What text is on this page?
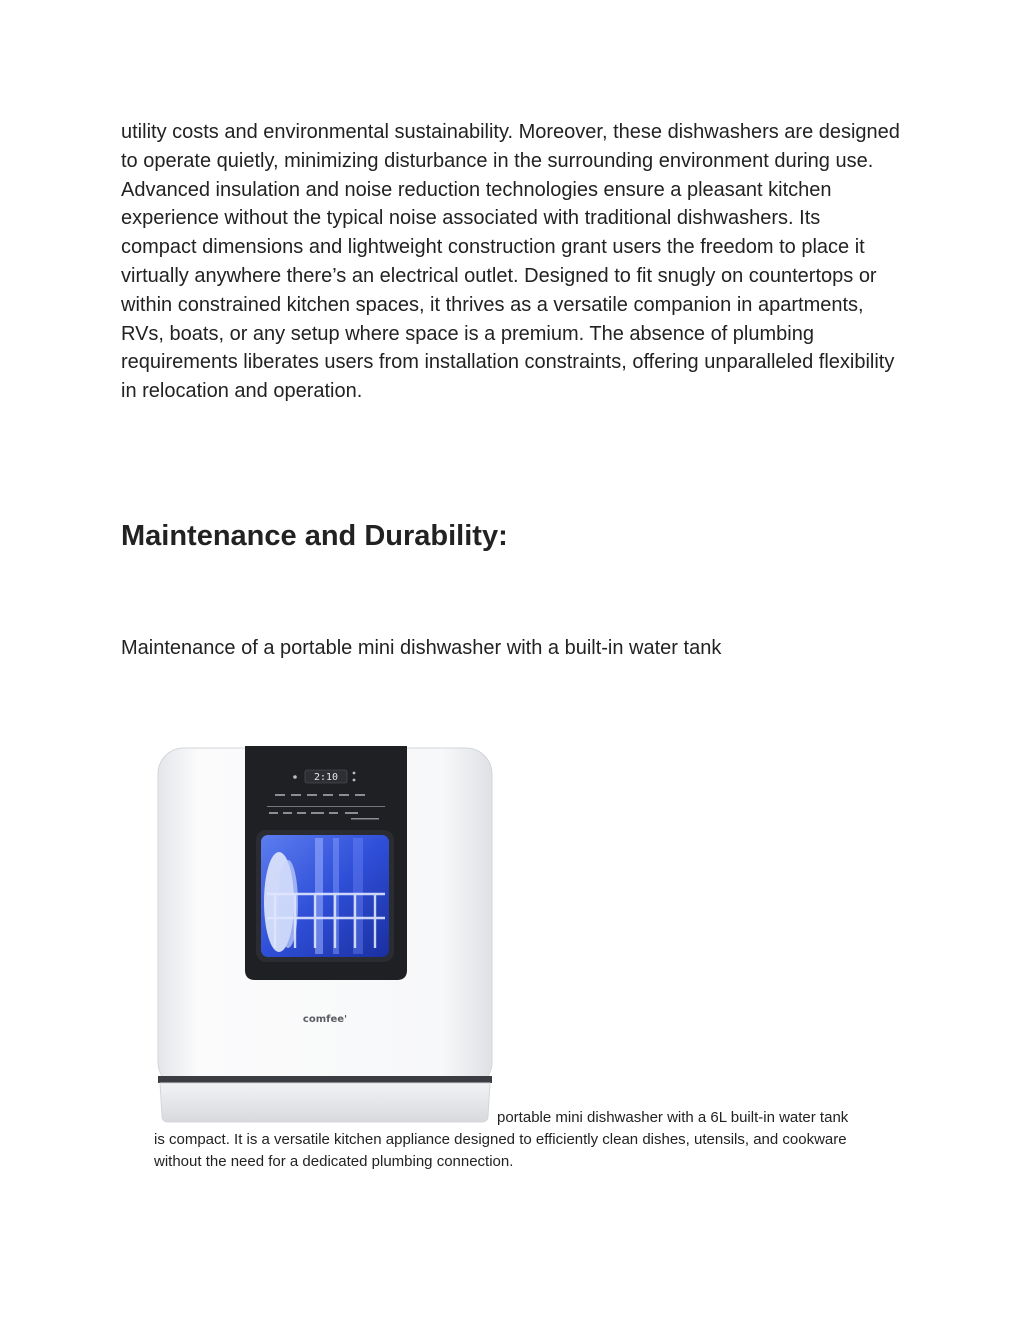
utility costs and environmental sustainability. Moreover, these dishwashers are designed to operate quietly, minimizing disturbance in the surrounding environment during use. Advanced insulation and noise reduction technologies ensure a pleasant kitchen experience without the typical noise associated with traditional dishwashers. Its compact dimensions and lightweight construction grant users the freedom to place it virtually anywhere there’s an electrical outlet. Designed to fit snugly on countertops or within constrained kitchen spaces, it thrives as a versatile companion in apartments, RVs, boats, or any setup where space is a premium. The absence of plumbing requirements liberates users from installation constraints, offering unparalleled flexibility in relocation and operation.

Maintenance and Durability:

Maintenance of a portable mini dishwasher with a built-in water tank

2:10
comfee'

portable mini dishwasher with a 6L built-in water tank

is compact. It is a versatile kitchen appliance designed to efficiently clean dishes, utensils, and cookware without the need for a dedicated plumbing connection.
